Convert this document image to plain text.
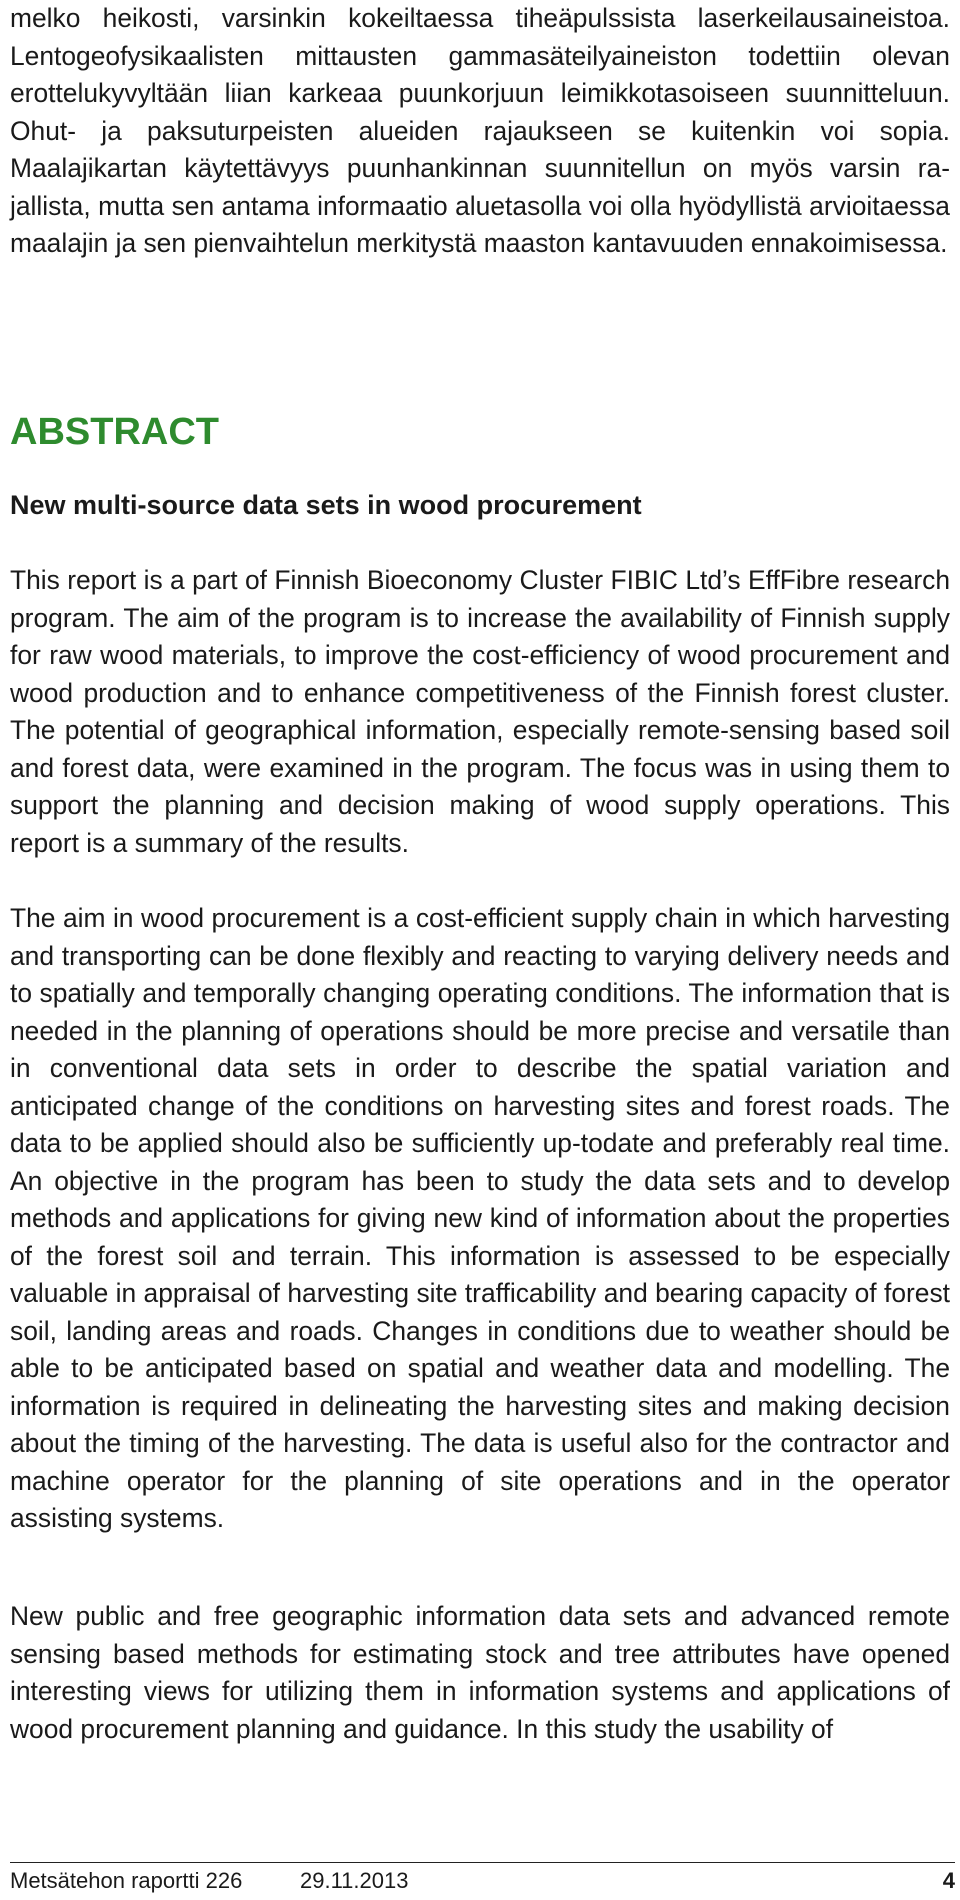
melko heikosti, varsinkin kokeiltaessa tiheäpulssista laserkeilausaineistoa. Lentogeofysikaalisten mittausten gammasäteilyaineiston todettiin olevan erottelukyvyltään liian karkeaa puunkorjuun leimikkotasoiseen suunnitteluun. Ohut- ja paksuturpeisten alueiden rajaukseen se kuitenkin voi sopia. Maalajikartan käytettävyys puunhankinnan suunnitellun on myös varsin rajallista, mutta sen antama informaatio aluetasolla voi olla hyödyllistä arvioitaessa maalajin ja sen pienvaihtelun merkitystä maaston kantavuuden ennakoimisessa.

ABSTRACT
New multi-source data sets in wood procurement

This report is a part of Finnish Bioeconomy Cluster FIBIC Ltd’s EffFibre research program. The aim of the program is to increase the availability of Finnish supply for raw wood materials, to improve the cost-efficiency of wood procurement and wood production and to enhance competitiveness of the Finnish forest cluster. The potential of geographical information, especially remote-sensing based soil and forest data, were examined in the program. The focus was in using them to support the planning and decision making of wood supply operations. This report is a summary of the results.

The aim in wood procurement is a cost-efficient supply chain in which harvesting and transporting can be done flexibly and reacting to varying delivery needs and to spatially and temporally changing operating conditions. The information that is needed in the planning of operations should be more precise and versatile than in conventional data sets in order to describe the spatial variation and anticipated change of the conditions on harvesting sites and forest roads. The data to be applied should also be sufficiently up-todate and preferably real time. An objective in the program has been to study the data sets and to develop methods and applications for giving new kind of information about the properties of the forest soil and terrain. This information is assessed to be especially valuable in appraisal of harvesting site trafficability and bearing capacity of forest soil, landing areas and roads. Changes in conditions due to weather should be able to be anticipated based on spatial and weather data and modelling. The information is required in delineating the harvesting sites and making decision about the timing of the harvesting. The data is useful also for the contractor and machine operator for the planning of site operations and in the operator assisting systems.

New public and free geographic information data sets and advanced remote sensing based methods for estimating stock and tree attributes have opened interesting views for utilizing them in information systems and applications of wood procurement planning and guidance. In this study the usability of

Metsätehon raportti 226	29.11.2013	4
